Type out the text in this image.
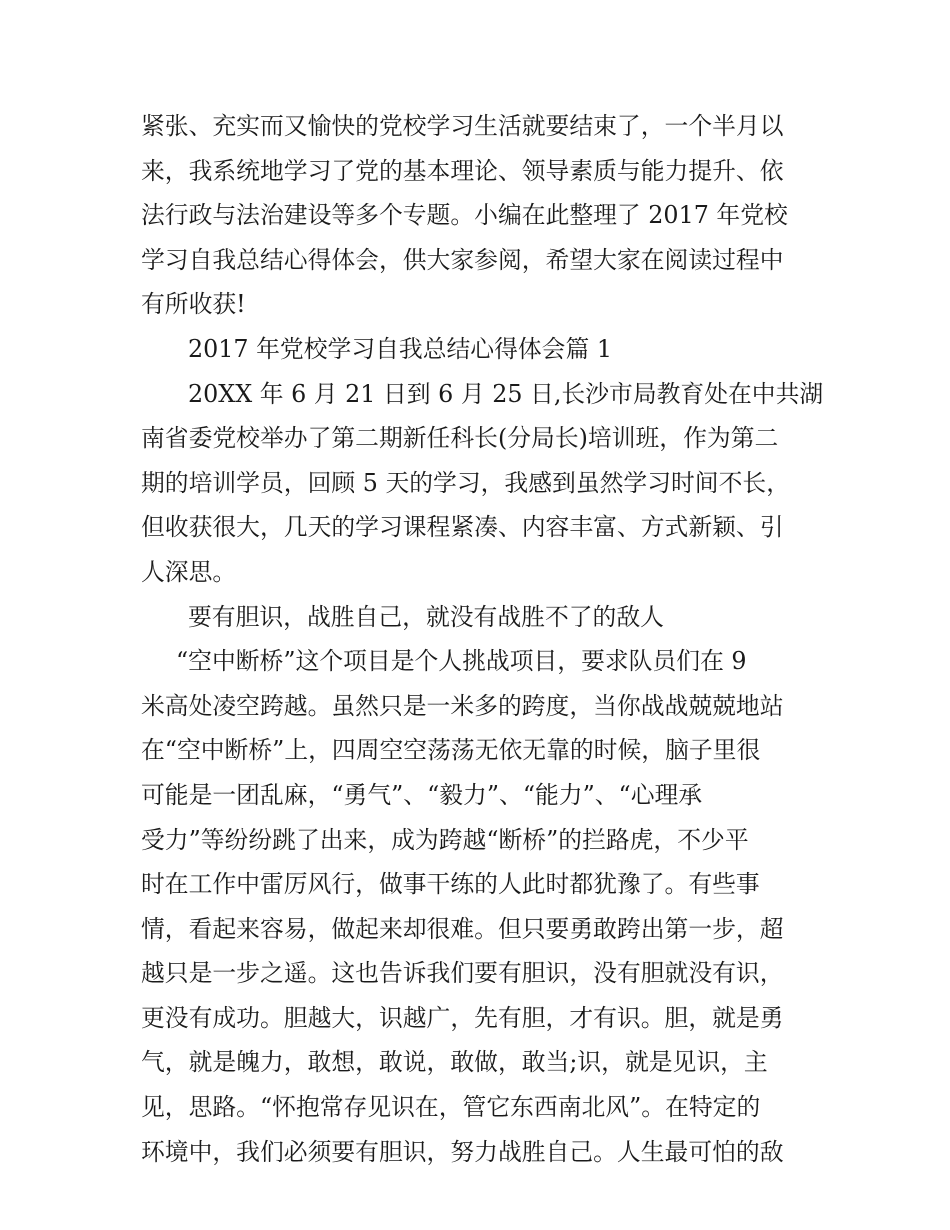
紧张、充实而又愉快的党校学习生活就要结束了，一个半月以
来，我系统地学习了党的基本理论、领导素质与能力提升、依
法行政与法治建设等多个专题。小编在此整理了 2017 年党校
学习自我总结心得体会，供大家参阅，希望大家在阅读过程中
有所收获!
2017 年党校学习自我总结心得体会篇 1
20XX 年 6 月 21 日到 6 月 25 日,长沙市局教育处在中共湖
南省委党校举办了第二期新任科长(分局长)培训班，作为第二
期的培训学员，回顾 5 天的学习，我感到虽然学习时间不长，
但收获很大，几天的学习课程紧凑、内容丰富、方式新颖、引
人深思。
要有胆识，战胜自己，就没有战胜不了的敌人
“空中断桥”这个项目是个人挑战项目，要求队员们在 9
米高处凌空跨越。虽然只是一米多的跨度，当你战战兢兢地站
在“空中断桥”上，四周空空荡荡无依无靠的时候，脑子里很
可能是一团乱麻，“勇气”、“毅力”、“能力”、“心理承
受力”等纷纷跳了出来，成为跨越“断桥”的拦路虎，不少平
时在工作中雷厉风行，做事干练的人此时都犹豫了。有些事
情，看起来容易，做起来却很难。但只要勇敢跨出第一步，超
越只是一步之遥。这也告诉我们要有胆识，没有胆就没有识，
更没有成功。胆越大，识越广，先有胆，才有识。胆，就是勇
气，就是魄力，敢想，敢说，敢做，敢当;识，就是见识，主
见，思路。“怀抱常存见识在，管它东西南北风”。在特定的
环境中，我们必须要有胆识，努力战胜自己。人生最可怕的敌
